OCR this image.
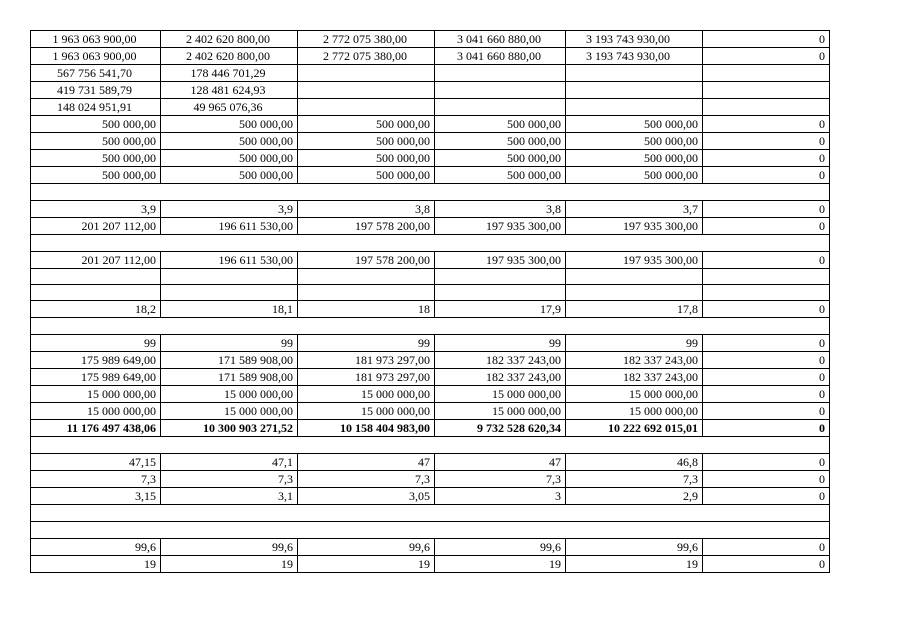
1 963 063 900,00	2 402 620 800,00	2 772 075 380,00	3 041 660 880,00	3 193 743 930,00	0
1 963 063 900,00	2 402 620 800,00	2 772 075 380,00	3 041 660 880,00	3 193 743 930,00	0
567 756 541,70	178 446 701,29				
419 731 589,79	128 481 624,93				
148 024 951,91	49 965 076,36				
500 000,00	500 000,00	500 000,00	500 000,00	500 000,00	0
500 000,00	500 000,00	500 000,00	500 000,00	500 000,00	0
500 000,00	500 000,00	500 000,00	500 000,00	500 000,00	0
500 000,00	500 000,00	500 000,00	500 000,00	500 000,00	0

3,9	3,9	3,8	3,8	3,7	0
201 207 112,00	196 611 530,00	197 578 200,00	197 935 300,00	197 935 300,00	0

201 207 112,00	196 611 530,00	197 578 200,00	197 935 300,00	197 935 300,00	0

18,2	18,1	18	17,9	17,8	0

99	99	99	99	99	0
175 989 649,00	171 589 908,00	181 973 297,00	182 337 243,00	182 337 243,00	0
175 989 649,00	171 589 908,00	181 973 297,00	182 337 243,00	182 337 243,00	0
15 000 000,00	15 000 000,00	15 000 000,00	15 000 000,00	15 000 000,00	0
15 000 000,00	15 000 000,00	15 000 000,00	15 000 000,00	15 000 000,00	0
11 176 497 438,06	10 300 903 271,52	10 158 404 983,00	9 732 528 620,34	10 222 692 015,01	0

47,15	47,1	47	47	46,8	0
7,3	7,3	7,3	7,3	7,3	0
3,15	3,1	3,05	3	2,9	0

99,6	99,6	99,6	99,6	99,6	0
19	19	19	19	19	0
